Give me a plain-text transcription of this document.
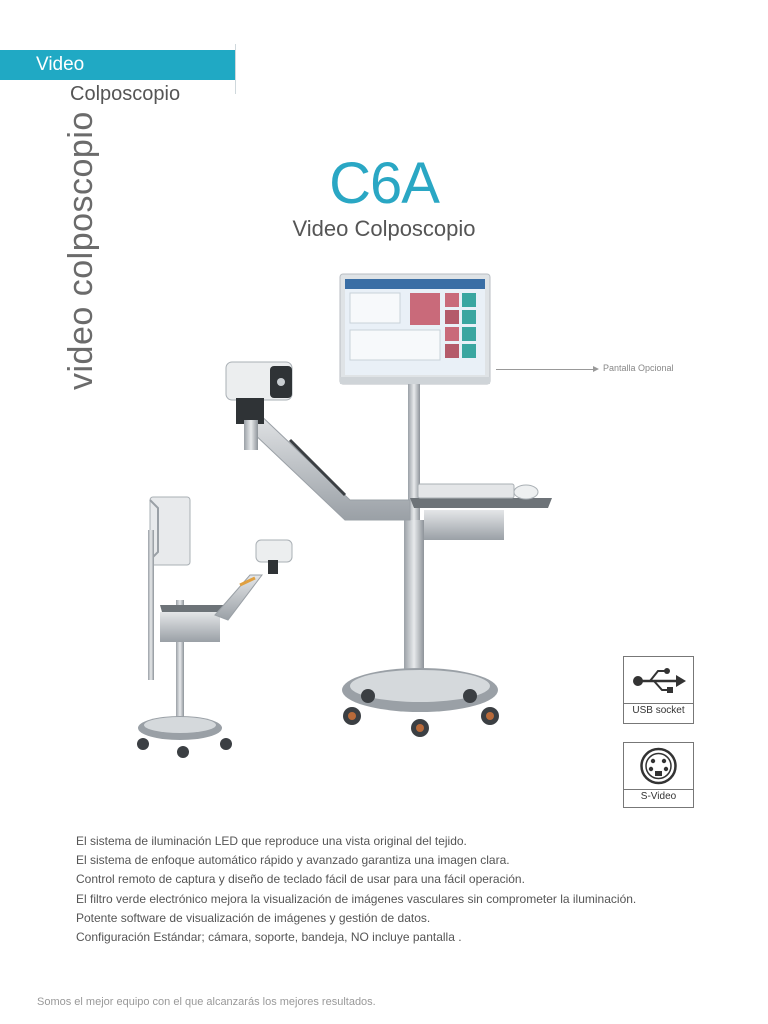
Video
Colposcopio
video colposcopio	C6A
Video Colposcopio
Pantalla Opcional
USB socket
S-Video
El sistema de iluminación LED que reproduce una vista original del tejido.
El sistema de enfoque automático rápido y avanzado garantiza una imagen clara.
Control remoto de captura y diseño de teclado fácil de usar para una fácil operación.
El filtro verde electrónico mejora la visualización de imágenes vasculares sin comprometer la iluminación.
Potente software de visualización de imágenes y gestión de datos.
Configuración Estándar; cámara, soporte, bandeja, NO incluye pantalla .
Somos el mejor equipo con el que alcanzarás los mejores resultados.
